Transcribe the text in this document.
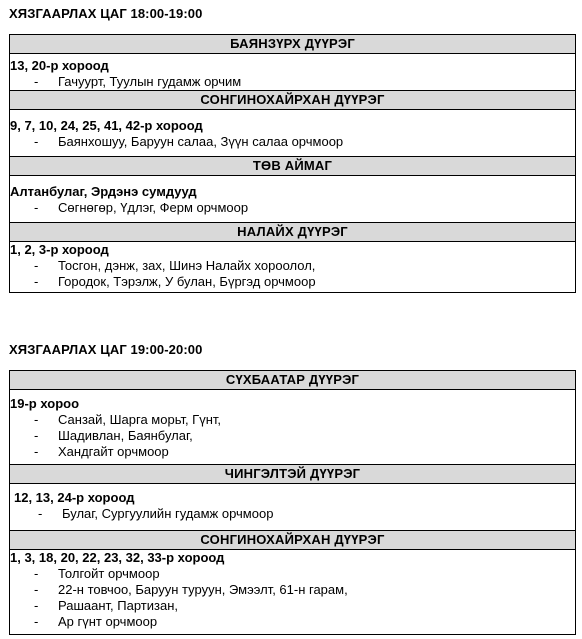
ХЯЗГААРЛАХ ЦАГ 18:00-19:00
БАЯНЗҮРХ ДҮҮРЭГ

13, 20-р хороод
- Гачуурт, Туулын гудамж орчим

СОНГИНОХАЙРХАН ДҮҮРЭГ

9, 7, 10, 24, 25, 41, 42-р хороод
- Баянхошуу, Баруун салаа, Зүүн салаа орчмоор

ТӨВ АЙМАГ

Алтанбулаг, Эрдэнэ сумдууд
- Сөгнөгөр, Үдлэг, Ферм орчмоор

НАЛАЙХ ДҮҮРЭГ

1, 2, 3-р хороод
- Тосгон, дэнж, зах, Шинэ Налайх хороолол,
- Городок, Тэрэлж, У булан, Бүргэд орчмоор
ХЯЗГААРЛАХ ЦАГ 19:00-20:00
СҮХБААТАР ДҮҮРЭГ

19-р хороо
- Санзай, Шарга морьт, Гүнт,
- Шадивлан, Баянбулаг,
- Хандгайт орчмоор

ЧИНГЭЛТЭЙ ДҮҮРЭГ

12, 13, 24-р хороод
- Булаг, Сургуулийн гудамж орчмоор

СОНГИНОХАЙРХАН ДҮҮРЭГ

1, 3, 18, 20, 22, 23, 32, 33-р хороод
- Толгойт орчмоор
- 22-н товчоо, Баруун туруун, Эмээлт, 61-н гарам,
- Рашаант, Партизан,
- Ар гүнт орчмоор
